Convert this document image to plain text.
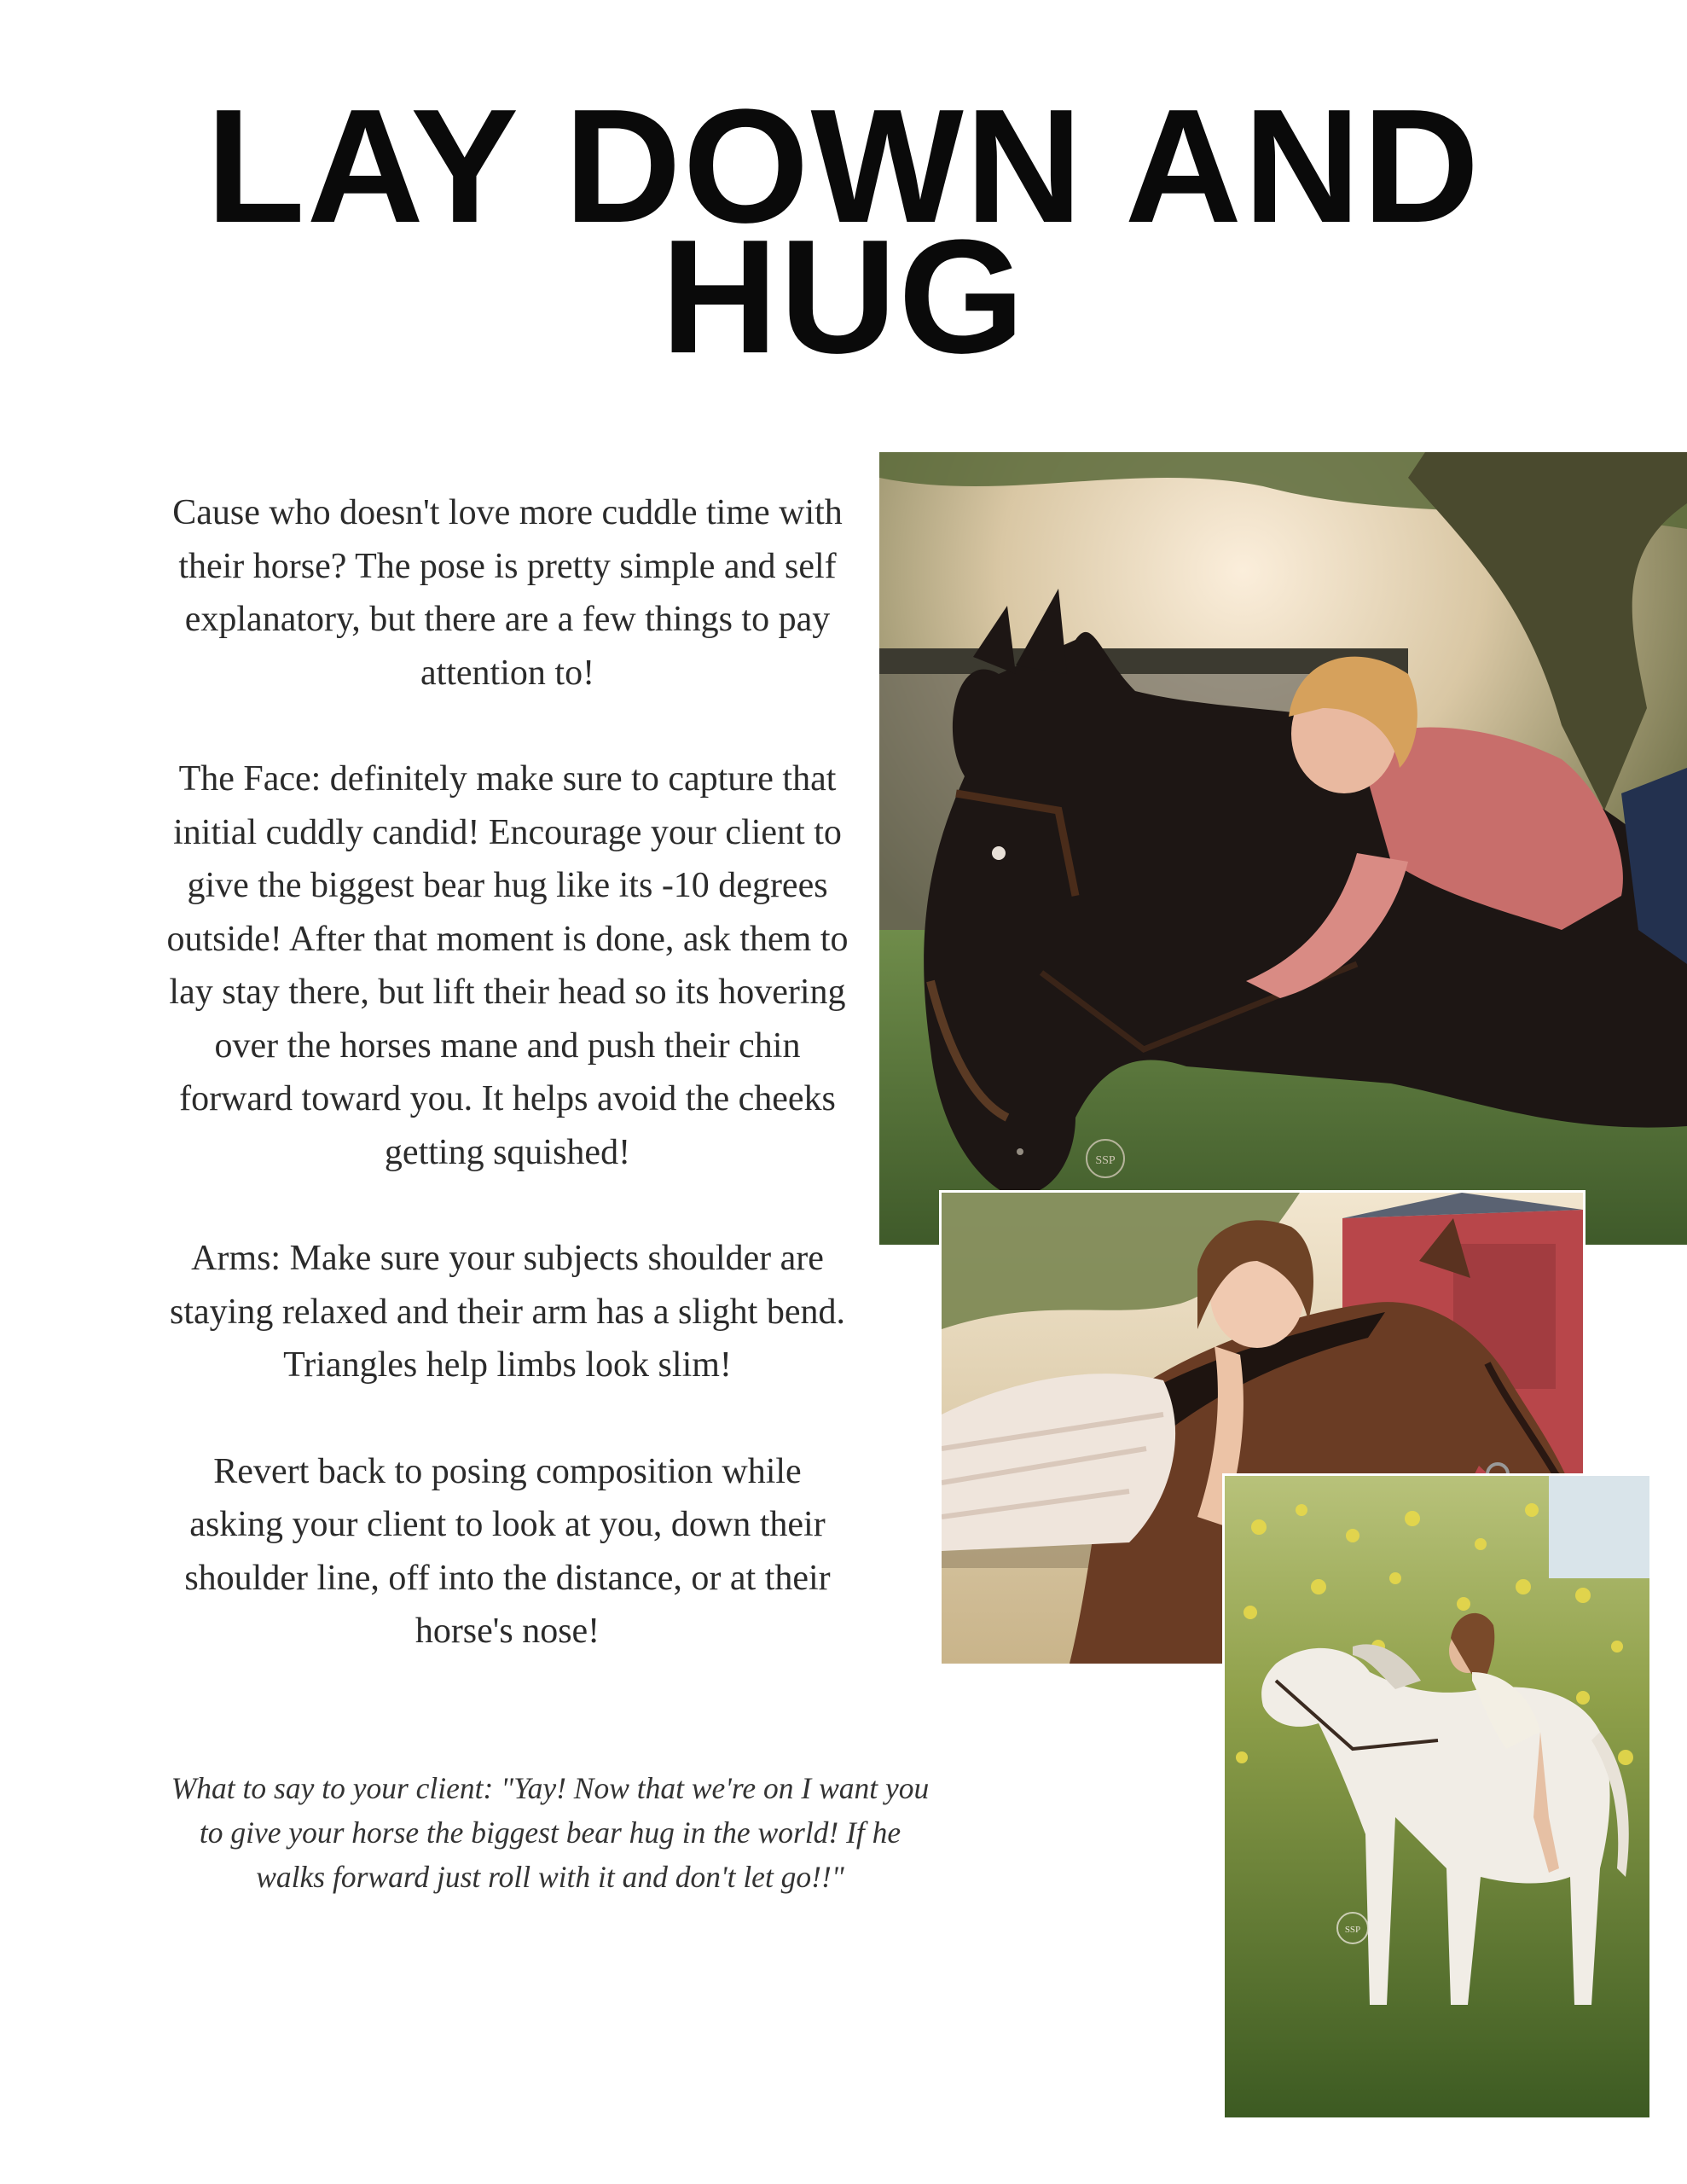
LAY DOWN AND
HUG

Cause who doesn't love more cuddle time with their horse? The pose is pretty simple and self explanatory, but there are a few things to pay attention to!

The Face: definitely make sure to capture that initial cuddly candid! Encourage your client to give the biggest bear hug like its -10 degrees outside! After that moment is done, ask them to lay stay there, but lift their head so its hovering over the horses mane and push their chin forward toward you. It helps avoid the cheeks getting squished!

Arms: Make sure your subjects shoulder are staying relaxed and their arm has a slight bend. Triangles help limbs look slim!

Revert back to posing composition while asking your client to look at you, down their shoulder line, off into the distance, or at their horse's nose!

What to say to your client: "Yay! Now that we're on I want you to give your horse the biggest bear hug in the world! If he walks forward just roll with it and don't let go!!"

SSP
SSP
